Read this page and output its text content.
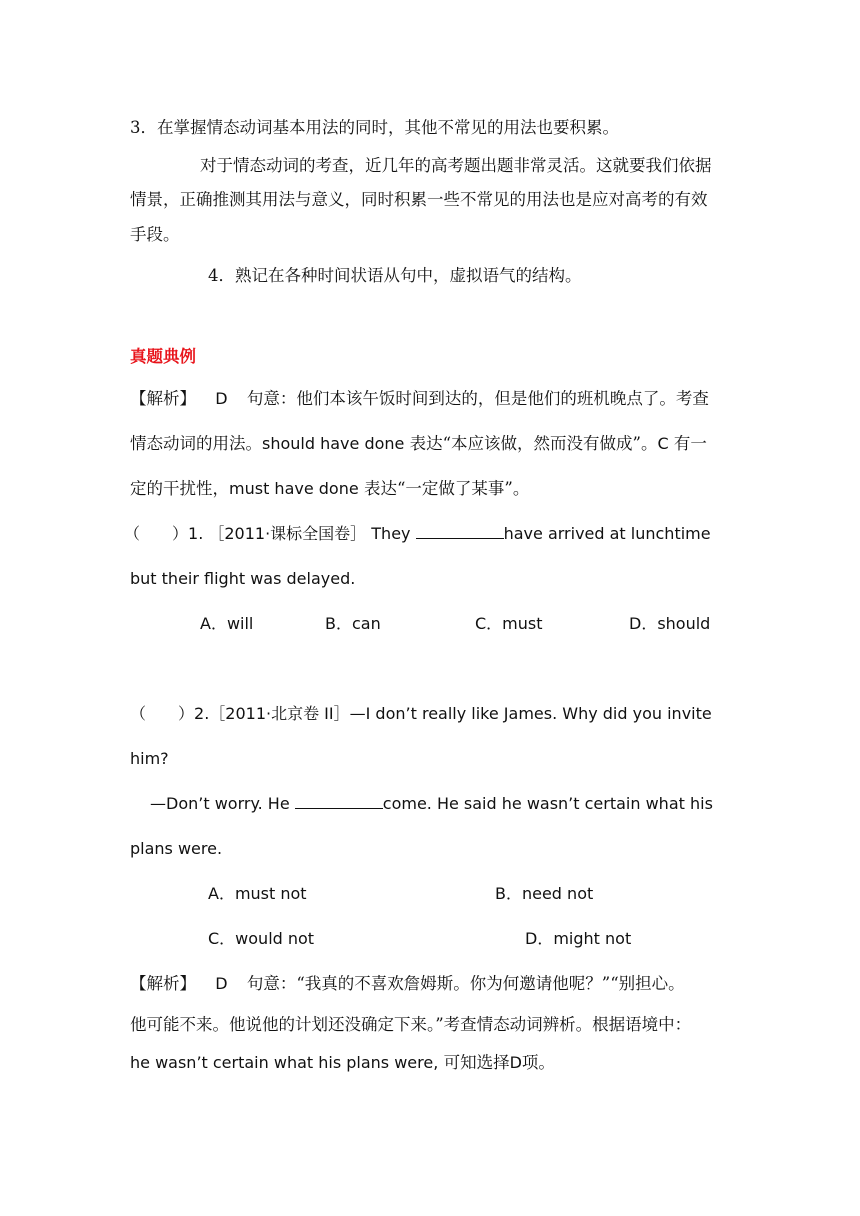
3．在掌握情态动词基本用法的同时，其他不常见的用法也要积累。
对于情态动词的考查，近几年的高考题出题非常灵活。这就要我们依据
情景，正确推测其用法与意义，同时积累一些不常见的用法也是应对高考的有效
手段。
4．熟记在各种时间状语从句中，虚拟语气的结构。
真题典例
【解析】 D 句意：他们本该午饭时间到达的，但是他们的班机晚点了。考查
情态动词的用法。should have done 表达“本应该做，然而没有做成”。C 有一
定的干扰性，must have done 表达“一定做了某事”。
（　　）1. ［2011·课标全国卷］ They	have arrived at lunchtime
but their flight was delayed.
A．will	B．can	C．must	D．should
（　　）2.［2011·北京卷 II］—I don’t really like James. Why did you invite
him?
—Don’t worry. He	come. He said he wasn’t certain what his
plans were.
A．must not	B．need not
C．would not	D．might not
【解析】 D 句意：“我真的不喜欢詹姆斯。你为何邀请他呢？”“别担心。
他可能不来。他说他的计划还没确定下来。”考查情态动词辨析。根据语境中：
he wasn’t certain what his plans were, 可知选择D项。
